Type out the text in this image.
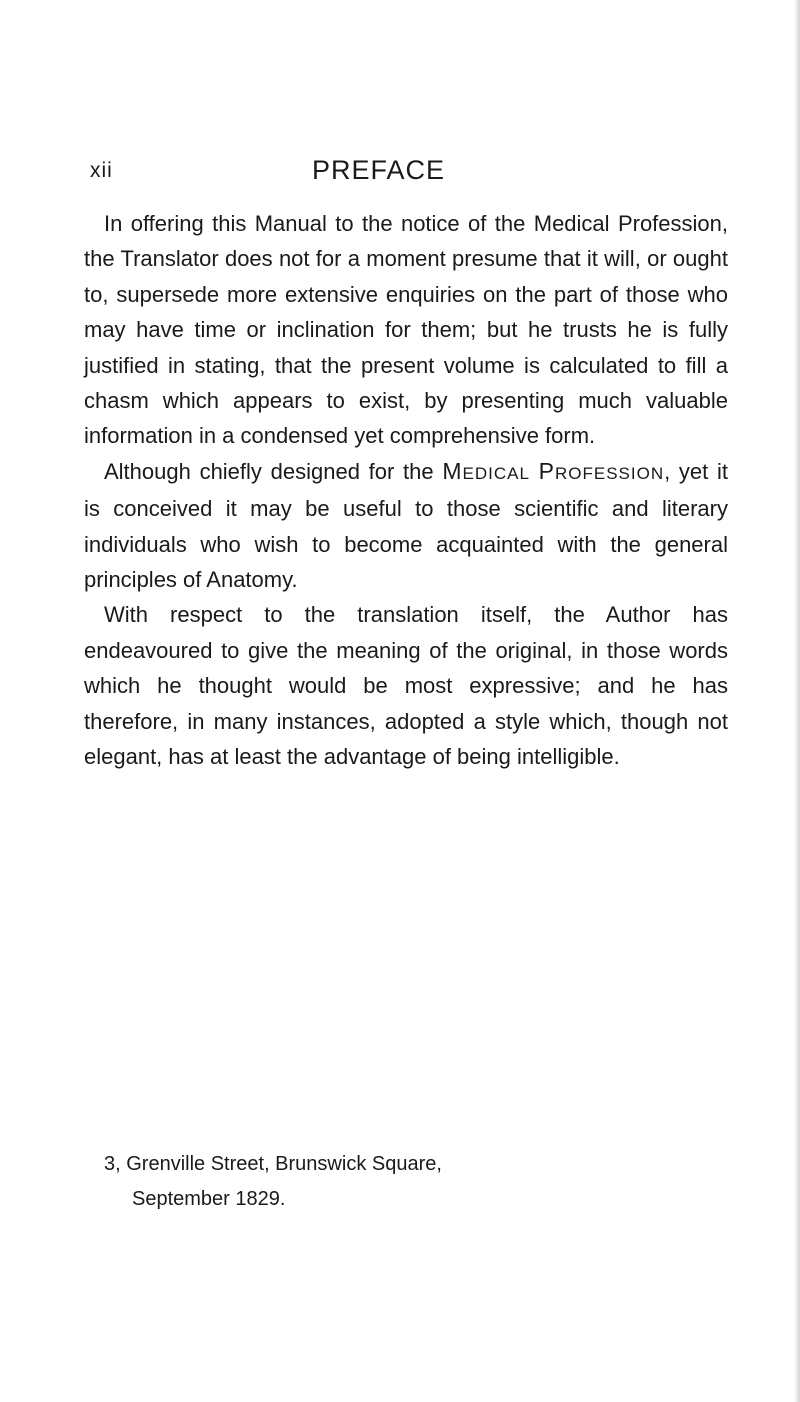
xii	PREFACE

In offering this Manual to the notice of the Medical Profession, the Translator does not for a moment presume that it will, or ought to, supersede more extensive enquiries on the part of those who may have time or inclination for them; but he trusts he is fully justified in stating, that the present volume is calculated to fill a chasm which appears to exist, by presenting much valuable information in a condensed yet comprehensive form.

Although chiefly designed for the MEDICAL PROFESSION, yet it is conceived it may be useful to those scientific and literary individuals who wish to become acquainted with the general principles of Anatomy.

With respect to the translation itself, the Author has endeavoured to give the meaning of the original, in those words which he thought would be most expressive; and he has therefore, in many instances, adopted a style which, though not elegant, has at least the advantage of being intelligible.

3, Grenville Street, Brunswick Square,
September 1829.
